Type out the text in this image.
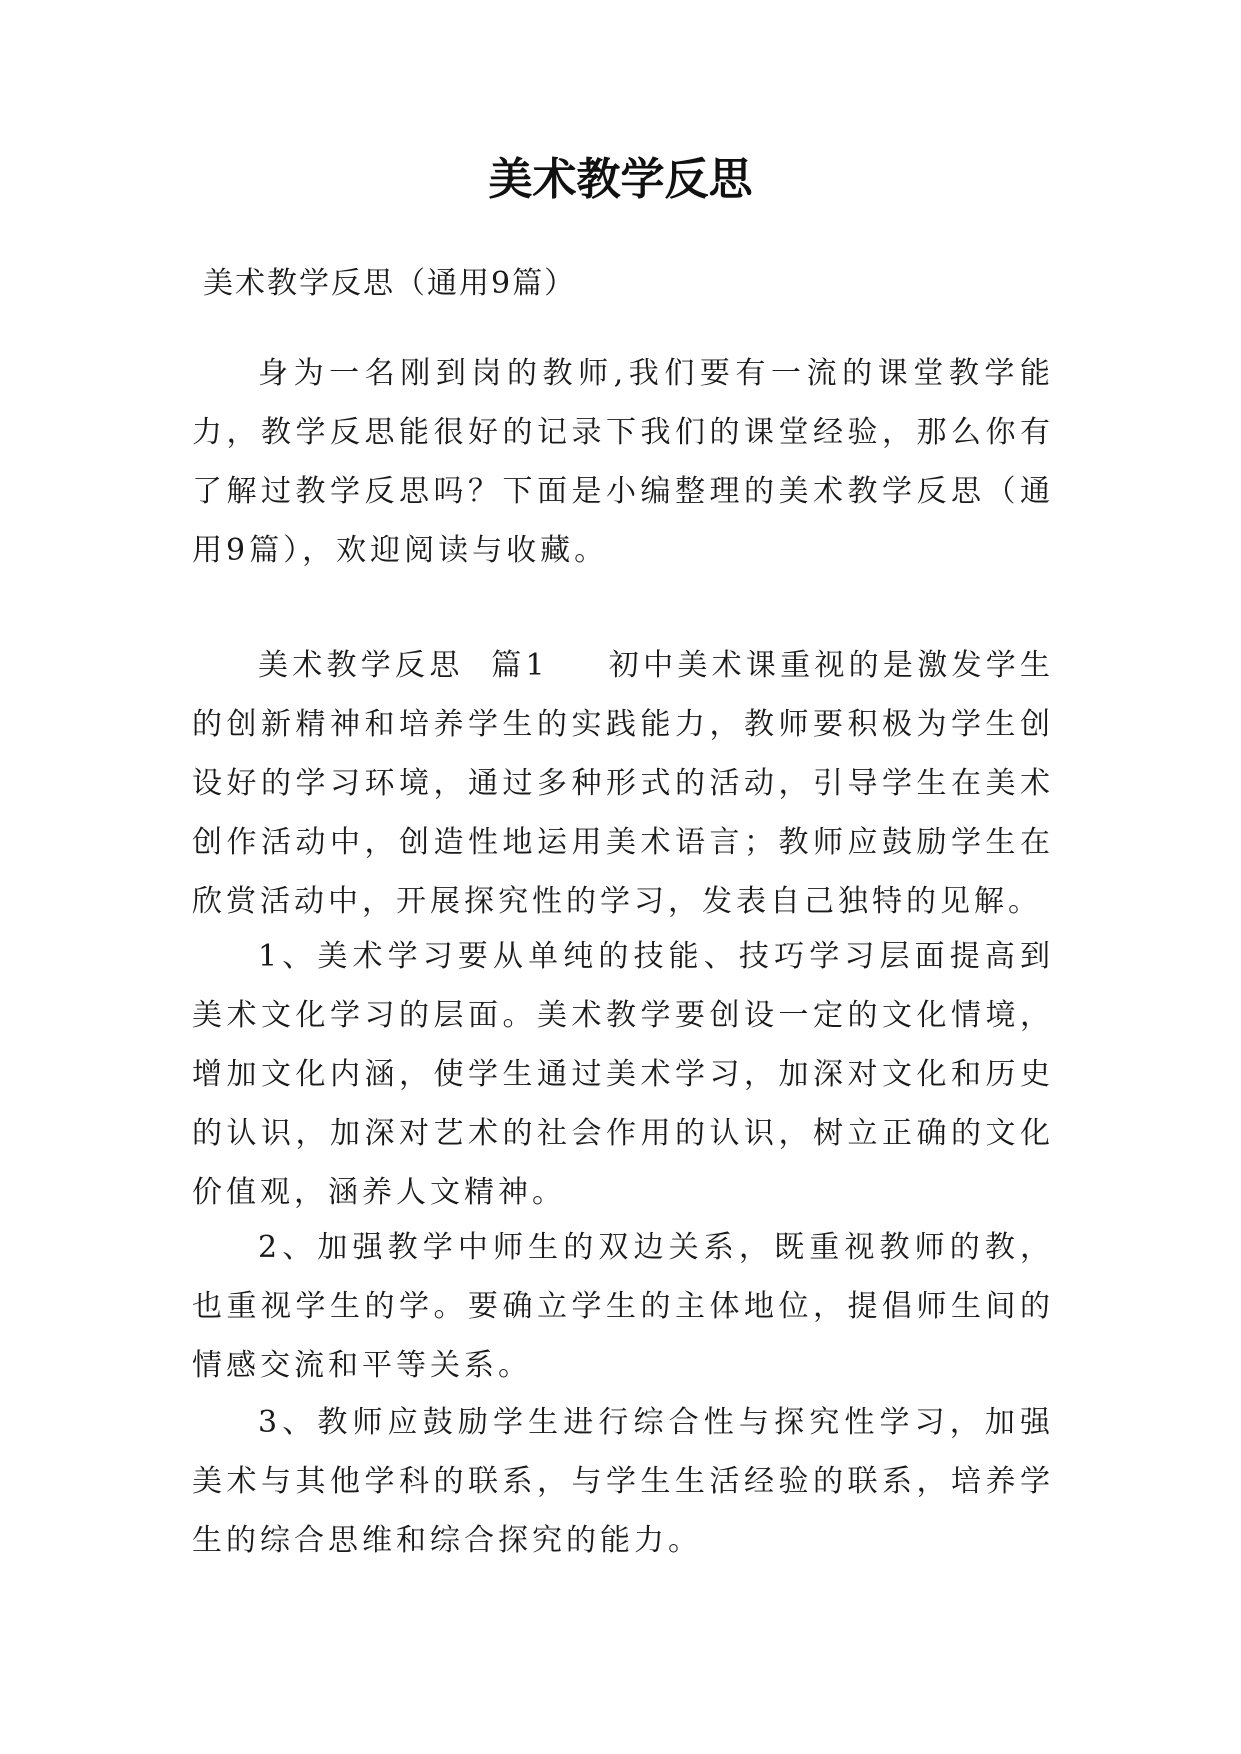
美术教学反思

美术教学反思（通用9篇）

身为一名刚到岗的教师,我们要有一流的课堂教学能力，教学反思能很好的记录下我们的课堂经验，那么你有了解过教学反思吗？下面是小编整理的美术教学反思（通用9篇），欢迎阅读与收藏。

美术教学反思  篇1 初中美术课重视的是激发学生的创新精神和培养学生的实践能力，教师要积极为学生创设好的学习环境，通过多种形式的活动，引导学生在美术创作活动中，创造性地运用美术语言；教师应鼓励学生在欣赏活动中，开展探究性的学习，发表自己独特的见解。

1、美术学习要从单纯的技能、技巧学习层面提高到美术文化学习的层面。美术教学要创设一定的文化情境，增加文化内涵，使学生通过美术学习，加深对文化和历史的认识，加深对艺术的社会作用的认识，树立正确的文化价值观，涵养人文精神。

2、加强教学中师生的双边关系，既重视教师的教，也重视学生的学。要确立学生的主体地位，提倡师生间的情感交流和平等关系。

3、教师应鼓励学生进行综合性与探究性学习，加强美术与其他学科的联系，与学生生活经验的联系，培养学生的综合思维和综合探究的能力。
